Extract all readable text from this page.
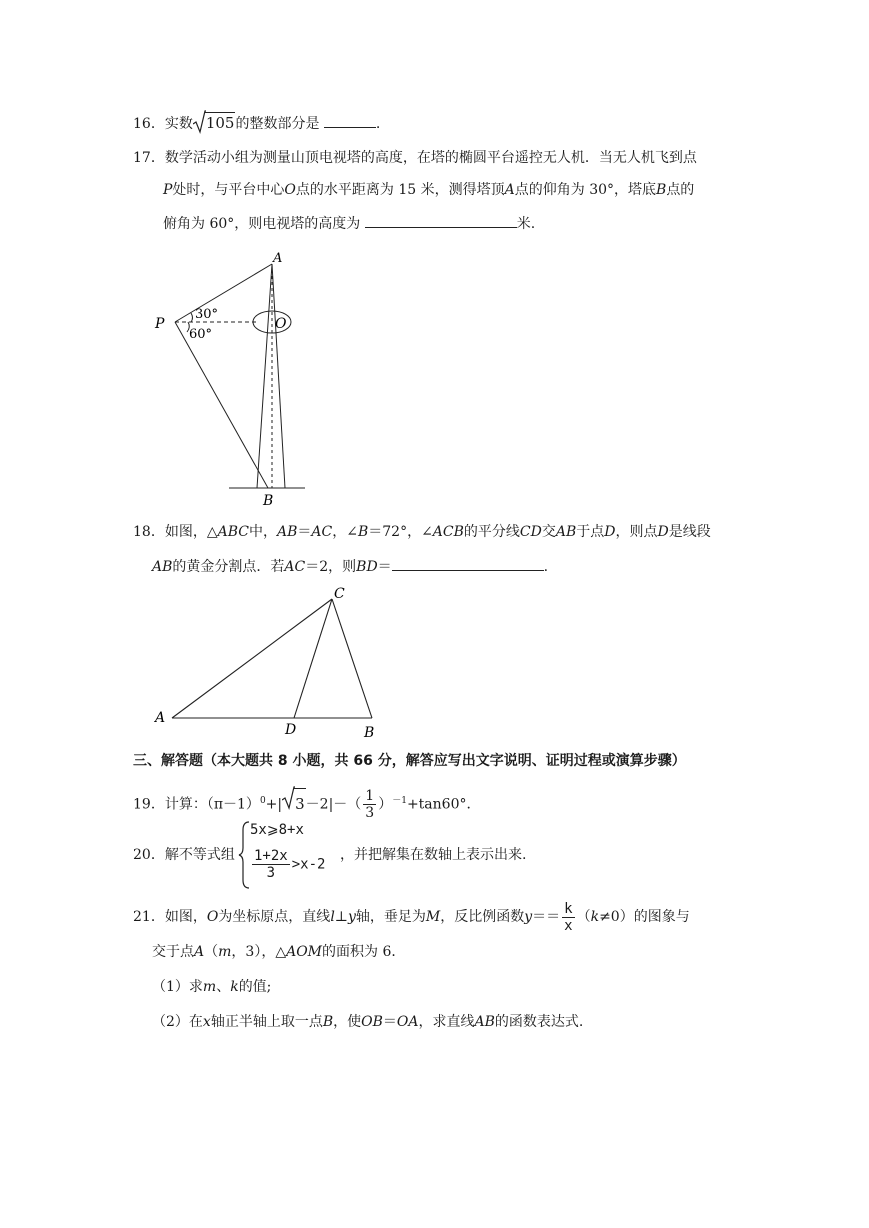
16．实数 105的整数部分是	.
17．数学活动小组为测量山顶电视塔的高度，在塔的椭圆平台遥控无人机．当无人机飞到点
P处时，与平台中心O点的水平距离为 15 米，测得塔顶A点的仰角为 30°，塔底B点的
俯角为 60°，则电视塔的高度为	米.
A
P	O
B
30°
60°
18．如图，△ABC中，AB＝AC，∠B＝72°，∠ACB的平分线CD交AB于点D，则点D是线段
AB的黄金分割点．若AC＝2，则BD＝	.
A
B
C
D
三、解答题（本大题共 8 小题，共 66 分，解答应写出文字说明、证明过程或演算步骤）
19．计算：$(\pi-1)^0+|$ $3-2|-( \frac{1}{3} )^{-1}+\tan 60^\circ$．
20．解不等式组
5x⩾8+x
$\frac{1+2x}{3} >x-2$
，并把解集在数轴上表示出来.
21．如图，O为坐标原点，直线l⊥y轴，垂足为M，反比例函数$y== \frac{k}{x} (k\ne 0)$的图象与
交于点A（m，3），△AOM的面积为 6．
（1）求m、k的值;
（2）在x轴正半轴上取一点B，使OB＝OA，求直线AB的函数表达式.
